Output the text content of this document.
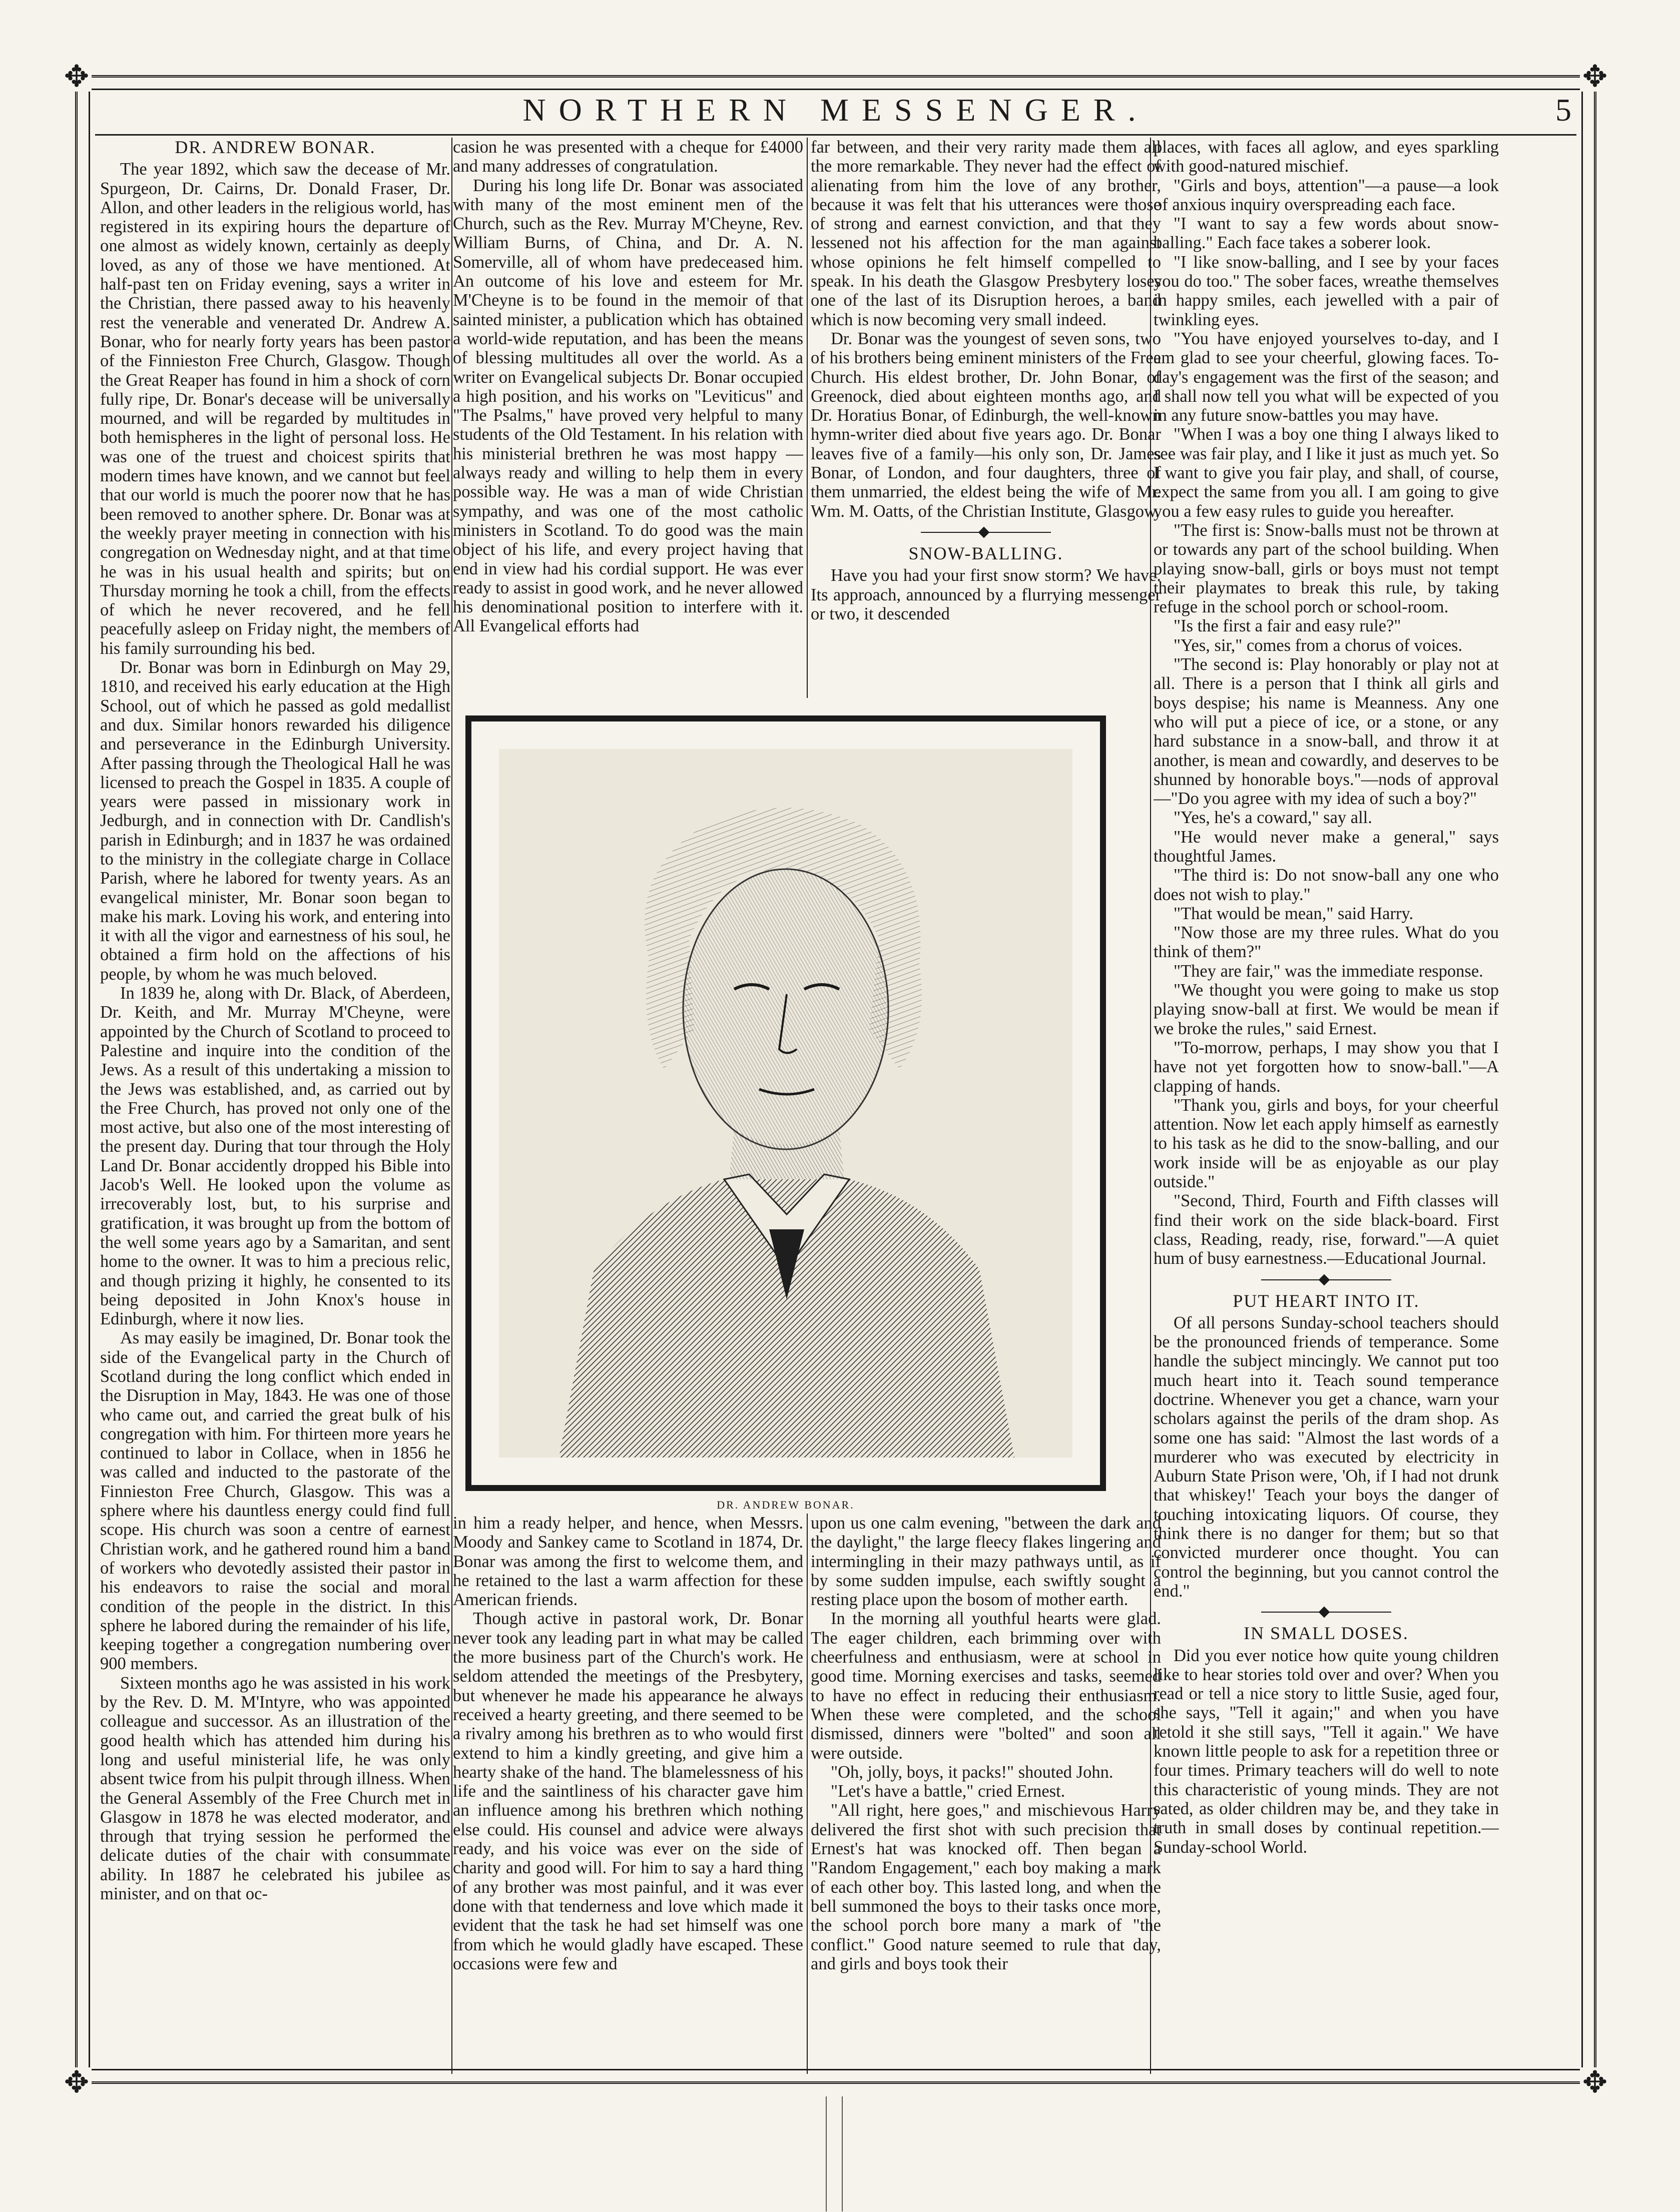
✥	✥
✥	✥
NORTHERN MESSENGER.	5
DR. ANDREW BONAR.

The year 1892, which saw the decease of Mr. Spurgeon, Dr. Cairns, Dr. Donald Fraser, Dr. Allon, and other leaders in the religious world, has registered in its expiring hours the departure of one almost as widely known, certainly as deeply loved, as any of those we have mentioned. At half-past ten on Friday evening, says a writer in the Christian, there passed away to his heavenly rest the venerable and venerated Dr. Andrew A. Bonar, who for nearly forty years has been pastor of the Finnieston Free Church, Glasgow. Though the Great Reaper has found in him a shock of corn fully ripe, Dr. Bonar's decease will be universally mourned, and will be regarded by multitudes in both hemispheres in the light of personal loss. He was one of the truest and choicest spirits that modern times have known, and we cannot but feel that our world is much the poorer now that he has been removed to another sphere. Dr. Bonar was at the weekly prayer meeting in connection with his congregation on Wednesday night, and at that time he was in his usual health and spirits; but on Thursday morning he took a chill, from the effects of which he never recovered, and he fell peacefully asleep on Friday night, the members of his family surrounding his bed.

Dr. Bonar was born in Edinburgh on May 29, 1810, and received his early education at the High School, out of which he passed as gold medallist and dux. Similar honors rewarded his diligence and perseverance in the Edinburgh University. After passing through the Theological Hall he was licensed to preach the Gospel in 1835. A couple of years were passed in missionary work in Jedburgh, and in connection with Dr. Candlish's parish in Edinburgh; and in 1837 he was ordained to the ministry in the collegiate charge in Collace Parish, where he labored for twenty years. As an evangelical minister, Mr. Bonar soon began to make his mark. Loving his work, and entering into it with all the vigor and earnestness of his soul, he obtained a firm hold on the affections of his people, by whom he was much beloved.

In 1839 he, along with Dr. Black, of Aberdeen, Dr. Keith, and Mr. Murray M'Cheyne, were appointed by the Church of Scotland to proceed to Palestine and inquire into the condition of the Jews. As a result of this undertaking a mission to the Jews was established, and, as carried out by the Free Church, has proved not only one of the most active, but also one of the most interesting of the present day. During that tour through the Holy Land Dr. Bonar accidently dropped his Bible into Jacob's Well. He looked upon the volume as irrecoverably lost, but, to his surprise and gratification, it was brought up from the bottom of the well some years ago by a Samaritan, and sent home to the owner. It was to him a precious relic, and though prizing it highly, he consented to its being deposited in John Knox's house in Edinburgh, where it now lies.

As may easily be imagined, Dr. Bonar took the side of the Evangelical party in the Church of Scotland during the long conflict which ended in the Disruption in May, 1843. He was one of those who came out, and carried the great bulk of his congregation with him. For thirteen more years he continued to labor in Collace, when in 1856 he was called and inducted to the pastorate of the Finnieston Free Church, Glasgow. This was a sphere where his dauntless energy could find full scope. His church was soon a centre of earnest Christian work, and he gathered round him a band of workers who devotedly assisted their pastor in his endeavors to raise the social and moral condition of the people in the district. In this sphere he labored during the remainder of his life, keeping together a congregation numbering over 900 members.

Sixteen months ago he was assisted in his work by the Rev. D. M. M'Intyre, who was appointed colleague and successor. As an illustration of the good health which has attended him during his long and useful ministerial life, he was only absent twice from his pulpit through illness. When the General Assembly of the Free Church met in Glasgow in 1878 he was elected moderator, and through that trying session he performed the delicate duties of the chair with consummate ability. In 1887 he celebrated his jubilee as minister, and on that oc-

casion he was presented with a cheque for £4000 and many addresses of congratulation.

During his long life Dr. Bonar was associated with many of the most eminent men of the Church, such as the Rev. Murray M'Cheyne, Rev. William Burns, of China, and Dr. A. N. Somerville, all of whom have predeceased him. An outcome of his love and esteem for Mr. M'Cheyne is to be found in the memoir of that sainted minister, a publication which has obtained a world-wide reputation, and has been the means of blessing multitudes all over the world. As a writer on Evangelical subjects Dr. Bonar occupied a high position, and his works on "Leviticus" and "The Psalms," have proved very helpful to many students of the Old Testament. In his relation with his ministerial brethren he was most happy —always ready and willing to help them in every possible way. He was a man of wide Christian sympathy, and was one of the most catholic ministers in Scotland. To do good was the main object of his life, and every project having that end in view had his cordial support. He was ever ready to assist in good work, and he never allowed his denominational position to interfere with it. All Evangelical efforts had

far between, and their very rarity made them all the more remarkable. They never had the effect of alienating from him the love of any brother, because it was felt that his utterances were those of strong and earnest conviction, and that they lessened not his affection for the man against whose opinions he felt himself compelled to speak. In his death the Glasgow Presbytery loses one of the last of its Disruption heroes, a band which is now becoming very small indeed.

Dr. Bonar was the youngest of seven sons, two of his brothers being eminent ministers of the Free Church. His eldest brother, Dr. John Bonar, of Greenock, died about eighteen months ago, and Dr. Horatius Bonar, of Edinburgh, the well-known hymn-writer died about five years ago. Dr. Bonar leaves five of a family—his only son, Dr. James Bonar, of London, and four daughters, three of them unmarried, the eldest being the wife of Mr. Wm. M. Oatts, of the Christian Institute, Glasgow.

SNOW-BALLING.

Have you had your first snow storm? We have. Its approach, announced by a flurrying messenger or two, it descended

DR. ANDREW BONAR.

in him a ready helper, and hence, when Messrs. Moody and Sankey came to Scotland in 1874, Dr. Bonar was among the first to welcome them, and he retained to the last a warm affection for these American friends.

Though active in pastoral work, Dr. Bonar never took any leading part in what may be called the more business part of the Church's work. He seldom attended the meetings of the Presbytery, but whenever he made his appearance he always received a hearty greeting, and there seemed to be a rivalry among his brethren as to who would first extend to him a kindly greeting, and give him a hearty shake of the hand. The blamelessness of his life and the saintliness of his character gave him an influence among his brethren which nothing else could. His counsel and advice were always ready, and his voice was ever on the side of charity and good will. For him to say a hard thing of any brother was most painful, and it was ever done with that tenderness and love which made it evident that the task he had set himself was one from which he would gladly have escaped. These occasions were few and

upon us one calm evening, "between the dark and the daylight," the large fleecy flakes lingering and intermingling in their mazy pathways until, as if by some sudden impulse, each swiftly sought a resting place upon the bosom of mother earth.

In the morning all youthful hearts were glad. The eager children, each brimming over with cheerfulness and enthusiasm, were at school in good time. Morning exercises and tasks, seemed to have no effect in reducing their enthusiasm. When these were completed, and the school dismissed, dinners were "bolted" and soon all were outside.

"Oh, jolly, boys, it packs!" shouted John.

"Let's have a battle," cried Ernest.

"All right, here goes," and mischievous Harry delivered the first shot with such precision that Ernest's hat was knocked off. Then began a "Random Engagement," each boy making a mark of each other boy. This lasted long, and when the bell summoned the boys to their tasks once more, the school porch bore many a mark of "the conflict." Good nature seemed to rule that day, and girls and boys took their

places, with faces all aglow, and eyes sparkling with good-natured mischief.

"Girls and boys, attention"—a pause—a look of anxious inquiry overspreading each face.

"I want to say a few words about snow-balling." Each face takes a soberer look.

"I like snow-balling, and I see by your faces you do too." The sober faces, wreathe themselves in happy smiles, each jewelled with a pair of twinkling eyes.

"You have enjoyed yourselves to-day, and I am glad to see your cheerful, glowing faces. To-day's engagement was the first of the season; and I shall now tell you what will be expected of you in any future snow-battles you may have.

"When I was a boy one thing I always liked to see was fair play, and I like it just as much yet. So I want to give you fair play, and shall, of course, expect the same from you all. I am going to give you a few easy rules to guide you hereafter.

"The first is: Snow-balls must not be thrown at or towards any part of the school building. When playing snow-ball, girls or boys must not tempt their playmates to break this rule, by taking refuge in the school porch or school-room.

"Is the first a fair and easy rule?"

"Yes, sir," comes from a chorus of voices.

"The second is: Play honorably or play not at all. There is a person that I think all girls and boys despise; his name is Meanness. Any one who will put a piece of ice, or a stone, or any hard substance in a snow-ball, and throw it at another, is mean and cowardly, and deserves to be shunned by honorable boys."—nods of approval—"Do you agree with my idea of such a boy?"

"Yes, he's a coward," say all.

"He would never make a general," says thoughtful James.

"The third is: Do not snow-ball any one who does not wish to play."

"That would be mean," said Harry.

"Now those are my three rules. What do you think of them?"

"They are fair," was the immediate response.

"We thought you were going to make us stop playing snow-ball at first. We would be mean if we broke the rules," said Ernest.

"To-morrow, perhaps, I may show you that I have not yet forgotten how to snow-ball."—A clapping of hands.

"Thank you, girls and boys, for your cheerful attention. Now let each apply himself as earnestly to his task as he did to the snow-balling, and our work inside will be as enjoyable as our play outside."

"Second, Third, Fourth and Fifth classes will find their work on the side black-board. First class, Reading, ready, rise, forward."—A quiet hum of busy earnestness.—Educational Journal.

PUT HEART INTO IT.

Of all persons Sunday-school teachers should be the pronounced friends of temperance. Some handle the subject mincingly. We cannot put too much heart into it. Teach sound temperance doctrine. Whenever you get a chance, warn your scholars against the perils of the dram shop. As some one has said: "Almost the last words of a murderer who was executed by electricity in Auburn State Prison were, 'Oh, if I had not drunk that whiskey!' Teach your boys the danger of touching intoxicating liquors. Of course, they think there is no danger for them; but so that convicted murderer once thought. You can control the beginning, but you cannot control the end."

IN SMALL DOSES.

Did you ever notice how quite young children like to hear stories told over and over? When you read or tell a nice story to little Susie, aged four, she says, "Tell it again;" and when you have retold it she still says, "Tell it again." We have known little people to ask for a repetition three or four times. Primary teachers will do well to note this characteristic of young minds. They are not sated, as older children may be, and they take in truth in small doses by continual repetition.—Sunday-school World.
